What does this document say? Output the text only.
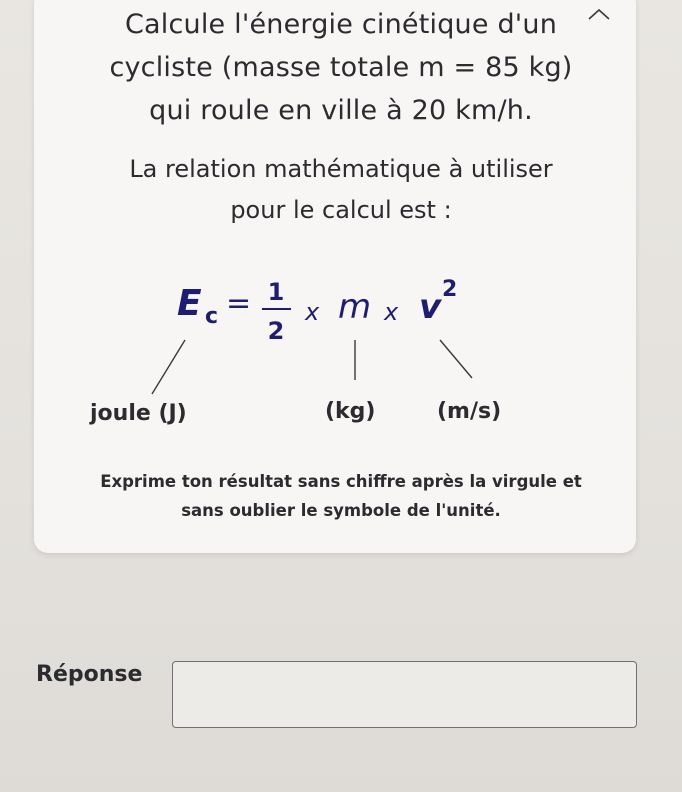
Calcule l'énergie cinétique d'un
cycliste (masse totale m = 85 kg)
qui roule en ville à 20 km/h.
La relation mathématique à utiliser
pour le calcul est :
E c = 1
2
x m x v 2
joule (J)	(kg)	(m/s)
Exprime ton résultat sans chiffre après la virgule et
sans oublier le symbole de l'unité.
Réponse
